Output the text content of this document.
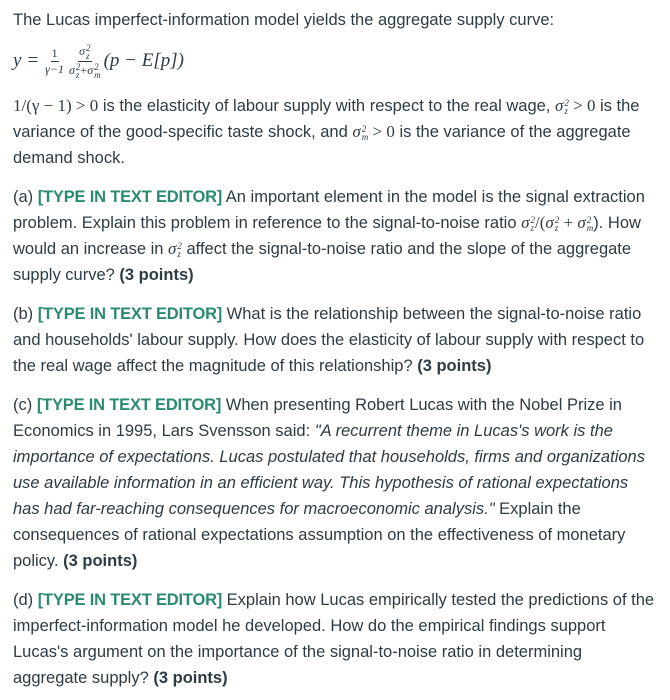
The Lucas imperfect-information model yields the aggregate supply curve:

$y = \frac{1}{\gamma-1}$ σ 2
z
σ 2
z +σ 2
m (p − E[p])

1/(γ − 1) > 0 is the elasticity of labour supply with respect to the real wage, σ 2
z > 0 is the variance of the good-specific taste shock, and σ 2
m > 0 is the variance of the aggregate demand shock.

(a) [TYPE IN TEXT EDITOR] An important element in the model is the signal extraction problem. Explain this problem in reference to the signal-to-noise ratio σ 2
z /(σ 2
z + σ 2
m ). How would an increase in σ 2
z affect the signal-to-noise ratio and the slope of the aggregate supply curve? (3 points)

(b) [TYPE IN TEXT EDITOR] What is the relationship between the signal-to-noise ratio and households' labour supply. How does the elasticity of labour supply with respect to the real wage affect the magnitude of this relationship? (3 points)

(c) [TYPE IN TEXT EDITOR] When presenting Robert Lucas with the Nobel Prize in Economics in 1995, Lars Svensson said: "A recurrent theme in Lucas's work is the importance of expectations. Lucas postulated that households, firms and organizations use available information in an efficient way. This hypothesis of rational expectations has had far-reaching consequences for macroeconomic analysis." Explain the consequences of rational expectations assumption on the effectiveness of monetary policy. (3 points)

(d) [TYPE IN TEXT EDITOR] Explain how Lucas empirically tested the predictions of the imperfect-information model he developed. How do the empirical findings support Lucas's argument on the importance of the signal-to-noise ratio in determining aggregate supply? (3 points)
